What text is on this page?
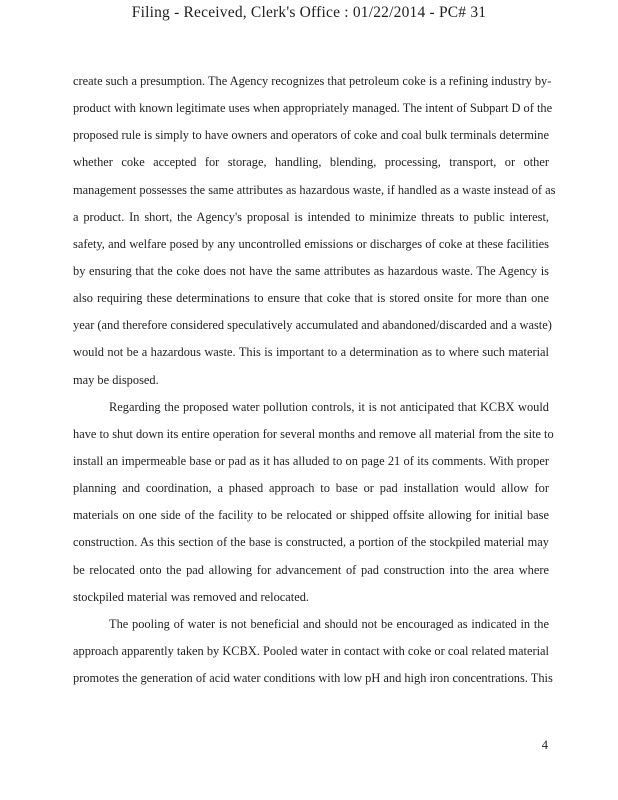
Filing - Received, Clerk's Office : 01/22/2014 - PC# 31
create such a presumption. The Agency recognizes that petroleum coke is a refining industry by-
product with known legitimate uses when appropriately managed. The intent of Subpart D of the
proposed rule is simply to have owners and operators of coke and coal bulk terminals determine
whether coke accepted for storage, handling, blending, processing, transport, or other
management possesses the same attributes as hazardous waste, if handled as a waste instead of as
a product. In short, the Agency's proposal is intended to minimize threats to public interest,
safety, and welfare posed by any uncontrolled emissions or discharges of coke at these facilities
by ensuring that the coke does not have the same attributes as hazardous waste. The Agency is
also requiring these determinations to ensure that coke that is stored onsite for more than one
year (and therefore considered speculatively accumulated and abandoned/discarded and a waste)
would not be a hazardous waste. This is important to a determination as to where such material
may be disposed.
Regarding the proposed water pollution controls, it is not anticipated that KCBX would
have to shut down its entire operation for several months and remove all material from the site to
install an impermeable base or pad as it has alluded to on page 21 of its comments. With proper
planning and coordination, a phased approach to base or pad installation would allow for
materials on one side of the facility to be relocated or shipped offsite allowing for initial base
construction. As this section of the base is constructed, a portion of the stockpiled material may
be relocated onto the pad allowing for advancement of pad construction into the area where
stockpiled material was removed and relocated.
The pooling of water is not beneficial and should not be encouraged as indicated in the
approach apparently taken by KCBX. Pooled water in contact with coke or coal related material
promotes the generation of acid water conditions with low pH and high iron concentrations. This
4
